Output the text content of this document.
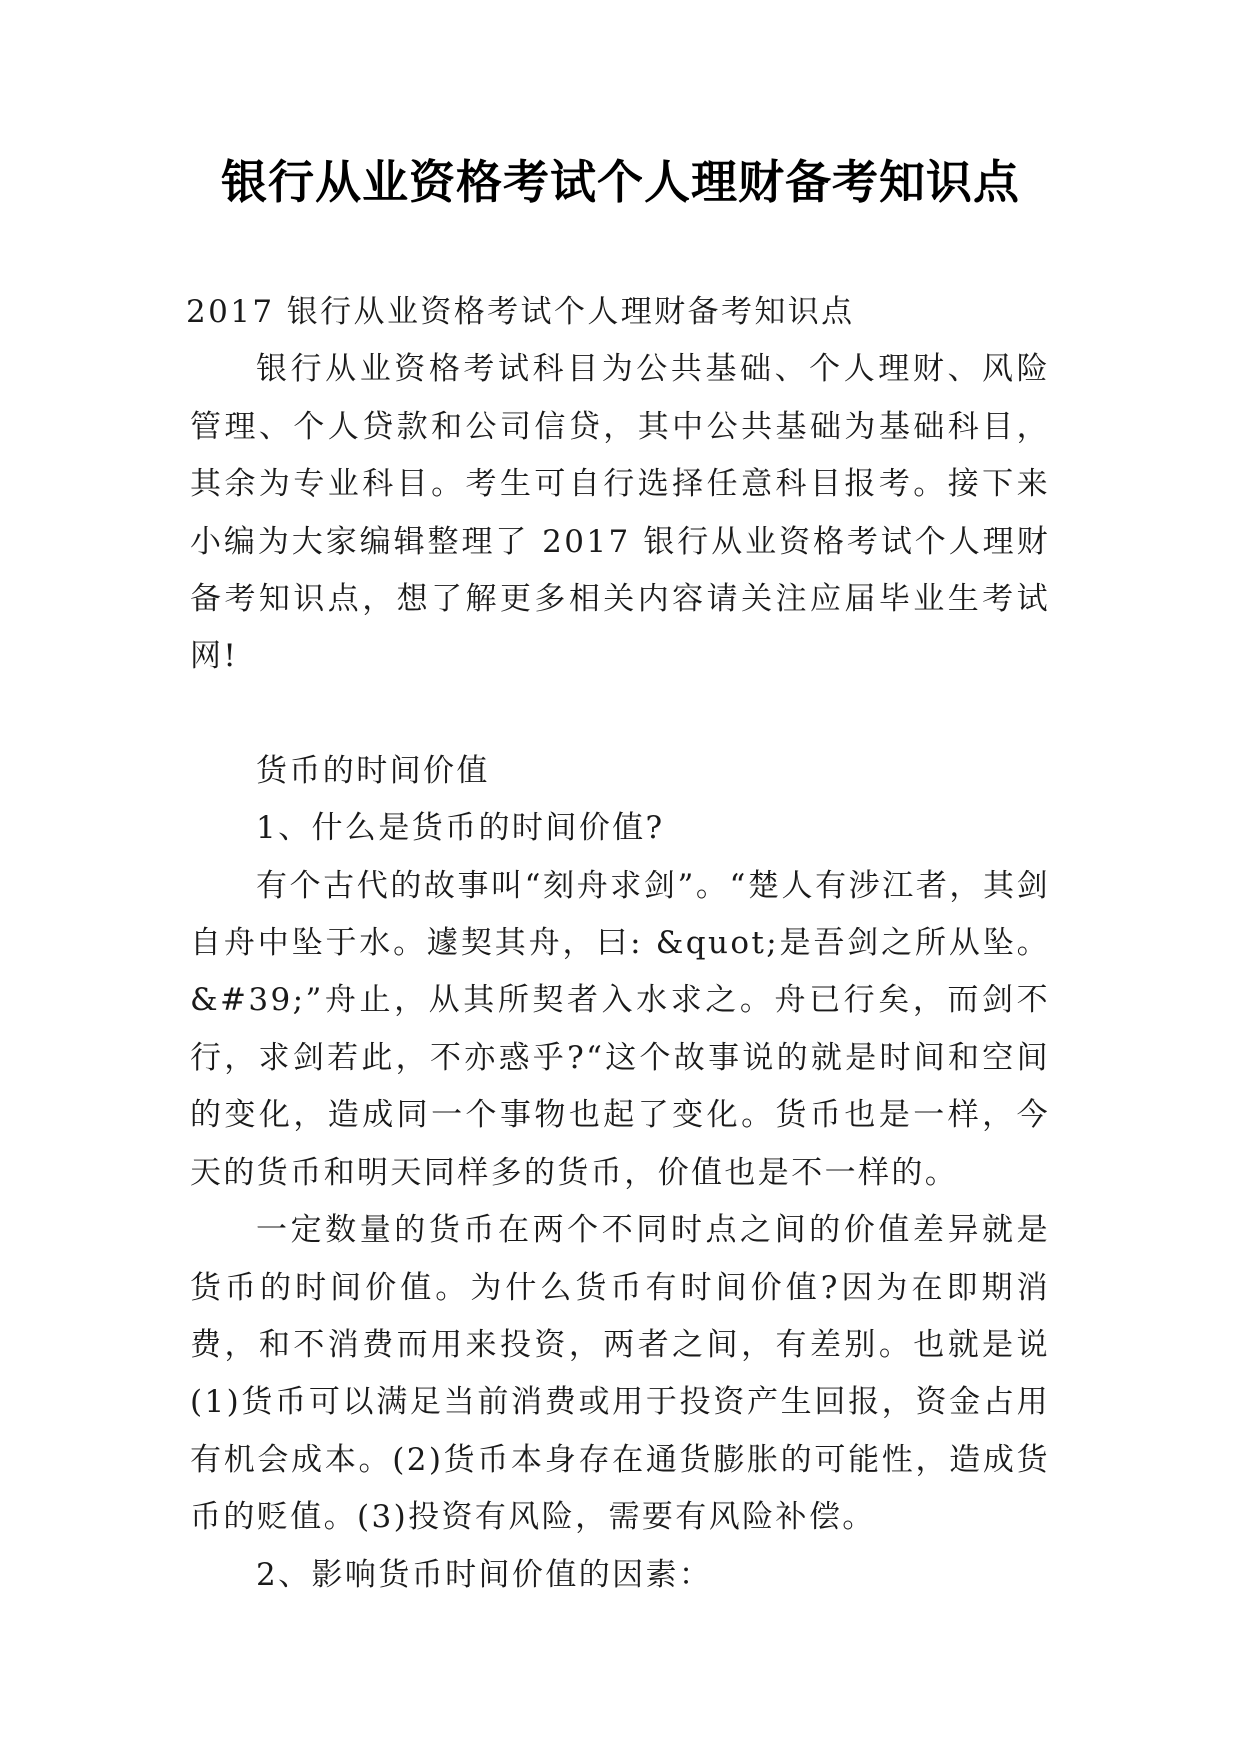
银行从业资格考试个人理财备考知识点

2017 银行从业资格考试个人理财备考知识点

银行从业资格考试科目为公共基础、个人理财、风险管理、个人贷款和公司信贷，其中公共基础为基础科目，其余为专业科目。考生可自行选择任意科目报考。接下来小编为大家编辑整理了 2017 银行从业资格考试个人理财备考知识点，想了解更多相关内容请关注应届毕业生考试网!

货币的时间价值

1、什么是货币的时间价值?

有个古代的故事叫“刻舟求剑”。“楚人有涉江者，其剑自舟中坠于水。遽契其舟，曰: &quot;是吾剑之所从坠。&#39;”舟止，从其所契者入水求之。舟已行矣，而剑不行，求剑若此，不亦惑乎?“这个故事说的就是时间和空间的变化，造成同一个事物也起了变化。货币也是一样，今天的货币和明天同样多的货币，价值也是不一样的。

一定数量的货币在两个不同时点之间的价值差异就是货币的时间价值。为什么货币有时间价值?因为在即期消费，和不消费而用来投资，两者之间，有差别。也就是说(1)货币可以满足当前消费或用于投资产生回报，资金占用有机会成本。(2)货币本身存在通货膨胀的可能性，造成货币的贬值。(3)投资有风险，需要有风险补偿。

2、影响货币时间价值的因素：
